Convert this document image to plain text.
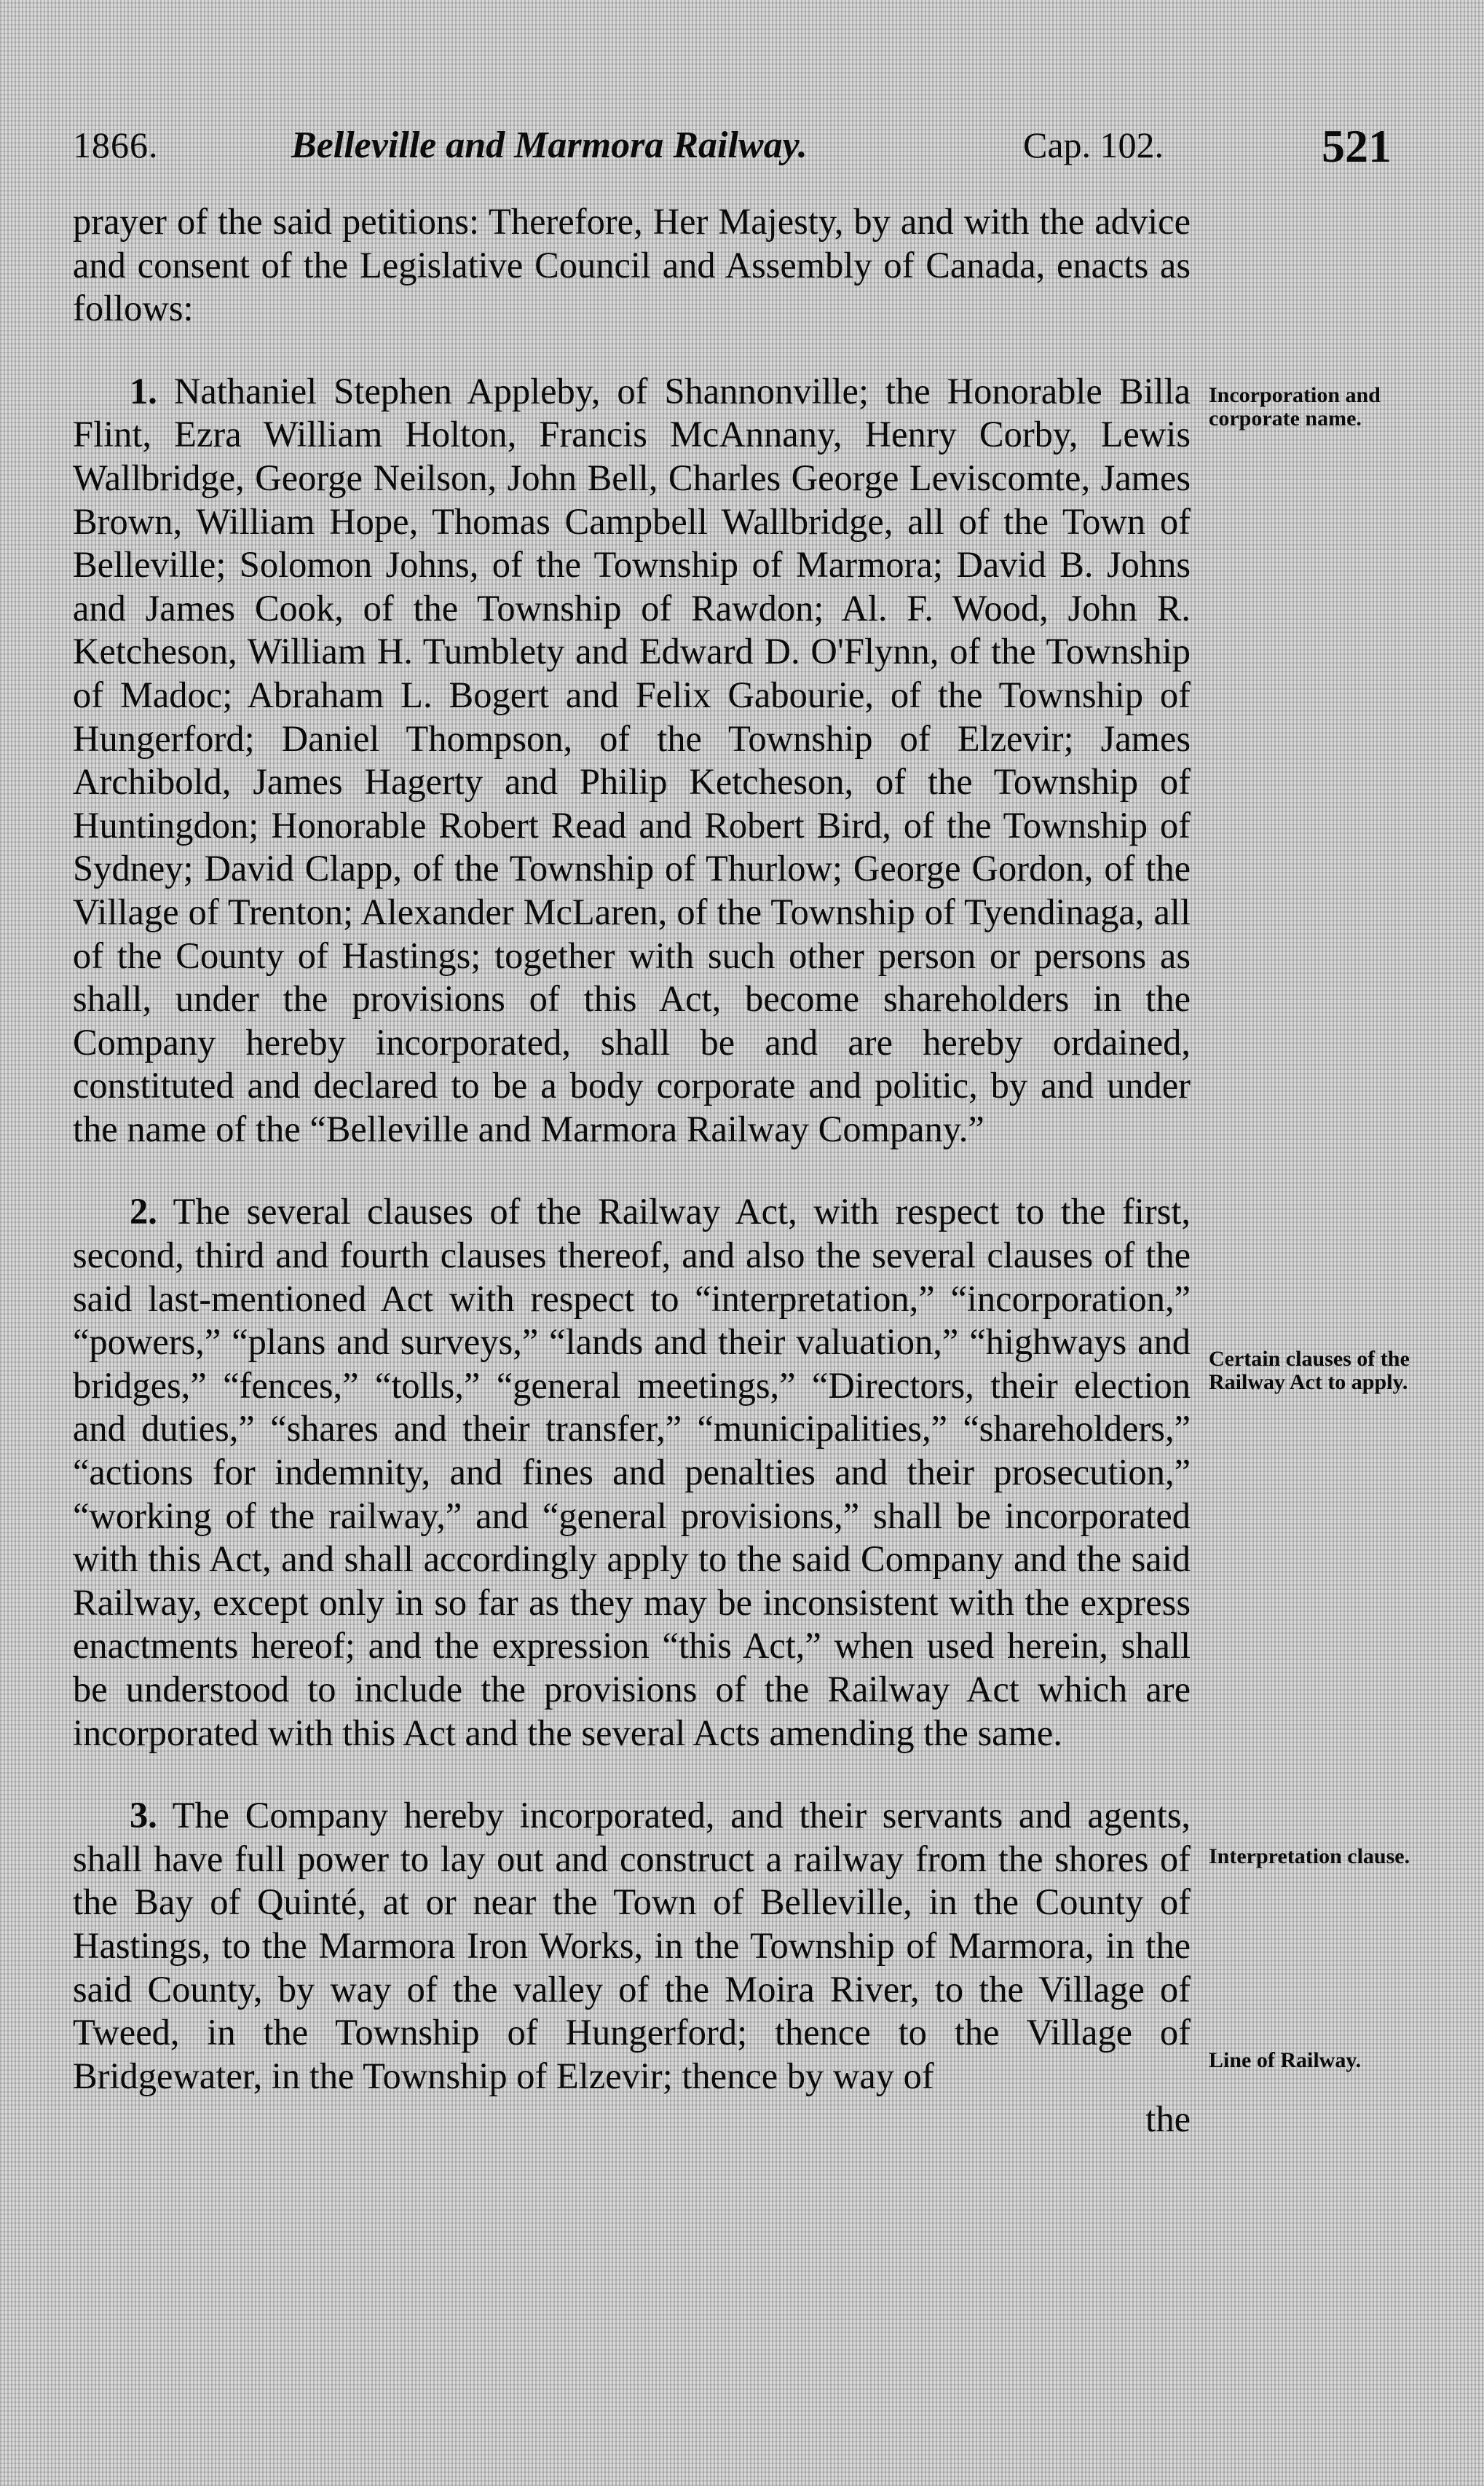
1866.	Belleville and Marmora Railway.	Cap. 102.	521

prayer of the said petitions: Therefore, Her Majesty, by and with the advice and consent of the Legislative Council and Assembly of Canada, enacts as follows:

1. Nathaniel Stephen Appleby, of Shannonville; the Honorable Billa Flint, Ezra William Holton, Francis McAnnany, Henry Corby, Lewis Wallbridge, George Neilson, John Bell, Charles George Leviscomte, James Brown, William Hope, Thomas Campbell Wallbridge, all of the Town of Belleville; Solomon Johns, of the Township of Marmora; David B. Johns and James Cook, of the Township of Rawdon; Al. F. Wood, John R. Ketcheson, William H. Tumblety and Edward D. O'Flynn, of the Township of Madoc; Abraham L. Bogert and Felix Gabourie, of the Township of Hungerford; Daniel Thompson, of the Township of Elzevir; James Archibold, James Hagerty and Philip Ketcheson, of the Township of Huntingdon; Honorable Robert Read and Robert Bird, of the Township of Sydney; David Clapp, of the Township of Thurlow; George Gordon, of the Village of Trenton; Alexander McLaren, of the Township of Tyendinaga, all of the County of Hastings; together with such other person or persons as shall, under the provisions of this Act, become shareholders in the Company hereby incorporated, shall be and are hereby ordained, constituted and declared to be a body corporate and politic, by and under the name of the “Belleville and Marmora Railway Company.”

2. The several clauses of the Railway Act, with respect to the first, second, third and fourth clauses thereof, and also the several clauses of the said last-mentioned Act with respect to “interpretation,” “incorporation,” “powers,” “plans and surveys,” “lands and their valuation,” “highways and bridges,” “fences,” “tolls,” “general meetings,” “Directors, their election and duties,” “shares and their transfer,” “municipalities,” “shareholders,” “actions for indemnity, and fines and penalties and their prosecution,” “working of the railway,” and “general provisions,” shall be incorporated with this Act, and shall accordingly apply to the said Company and the said Railway, except only in so far as they may be inconsistent with the express enactments hereof; and the expression “this Act,” when used herein, shall be understood to include the provisions of the Railway Act which are incorporated with this Act and the several Acts amending the same.

3. The Company hereby incorporated, and their servants and agents, shall have full power to lay out and construct a railway from the shores of the Bay of Quinté, at or near the Town of Belleville, in the County of Hastings, to the Marmora Iron Works, in the Township of Marmora, in the said County, by way of the valley of the Moira River, to the Village of Tweed, in the Township of Hungerford; thence to the Village of Bridgewater, in the Township of Elzevir; thence by way of

the

Incorporation and corporate name.
Certain clauses of the Railway Act to apply.
Interpretation clause.
Line of Railway.
